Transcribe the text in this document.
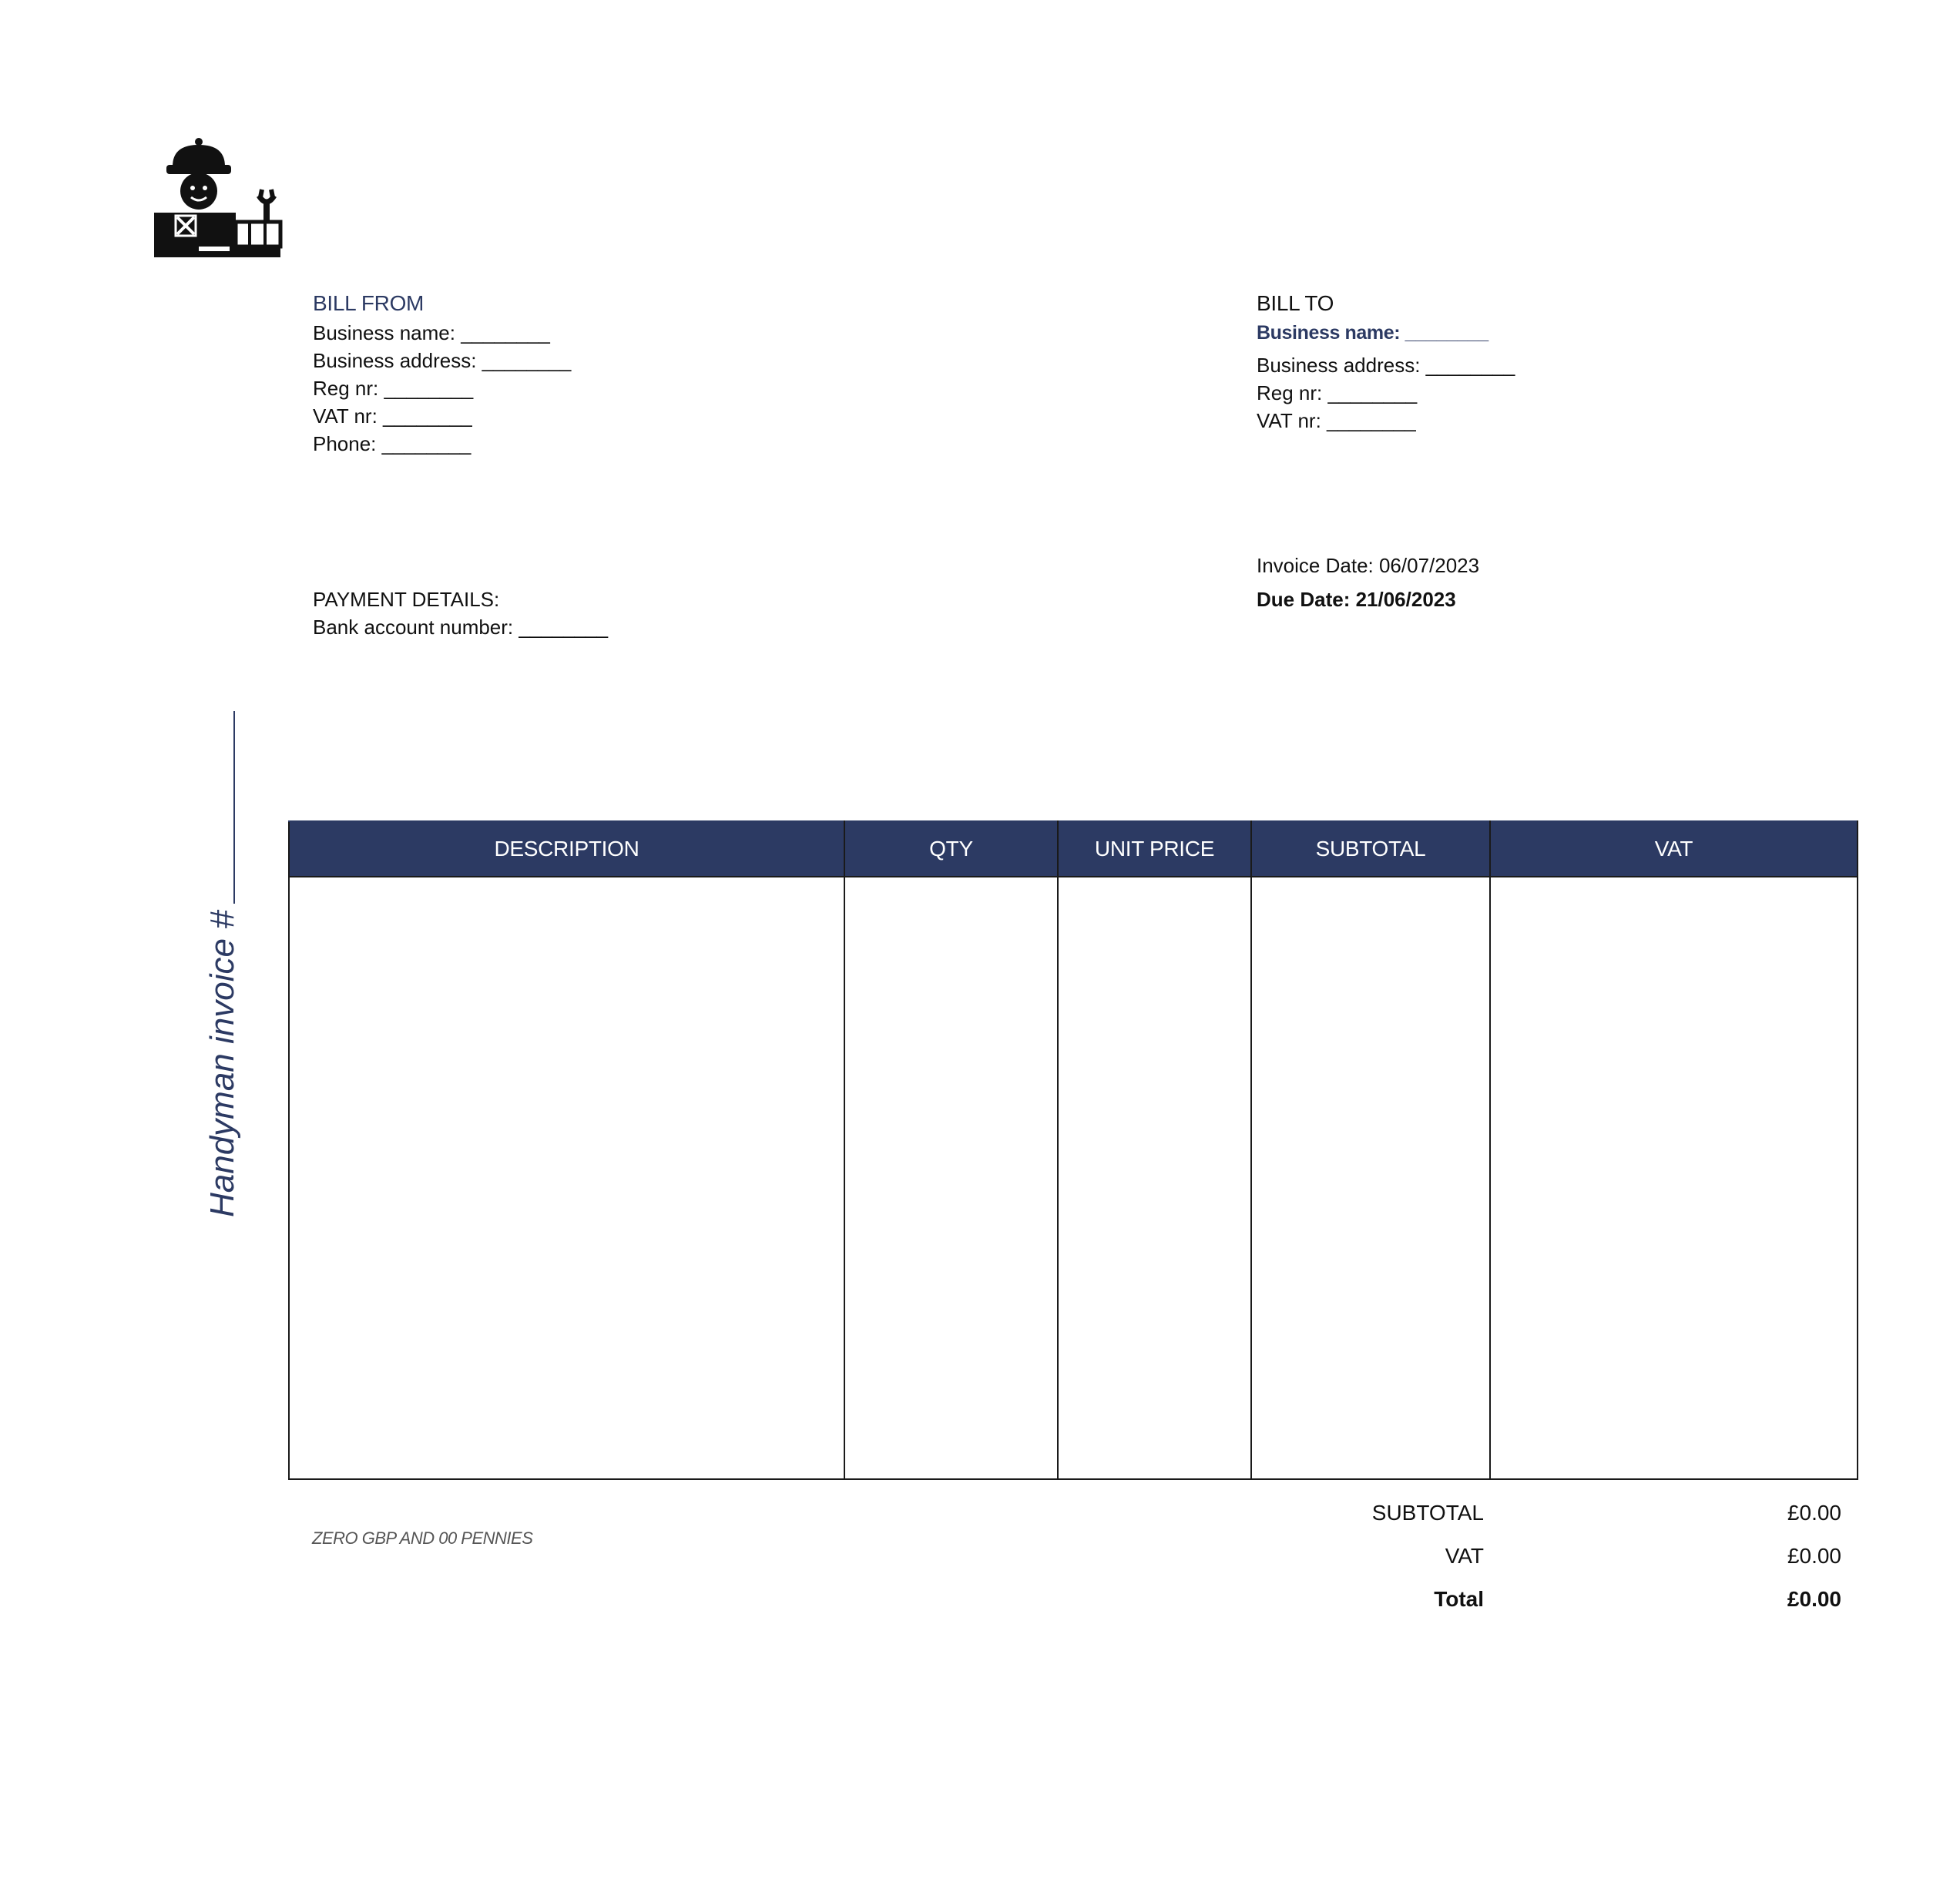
BILL FROM
Business name: ________
Business address: ________
Reg nr: ________
VAT nr: ________
Phone: ________
BILL TO
Business name: ________
Business address: ________
Reg nr: ________
VAT nr: ________
PAYMENT DETAILS:
Bank account number: ________
Invoice Date: 06/07/2023
Due Date: 21/06/2023
Handyman invoice #
DESCRIPTION	QTY	UNIT PRICE	SUBTOTAL	VAT

ZERO GBP AND 00 PENNIES
SUBTOTAL	£0.00
VAT	£0.00
Total	£0.00
